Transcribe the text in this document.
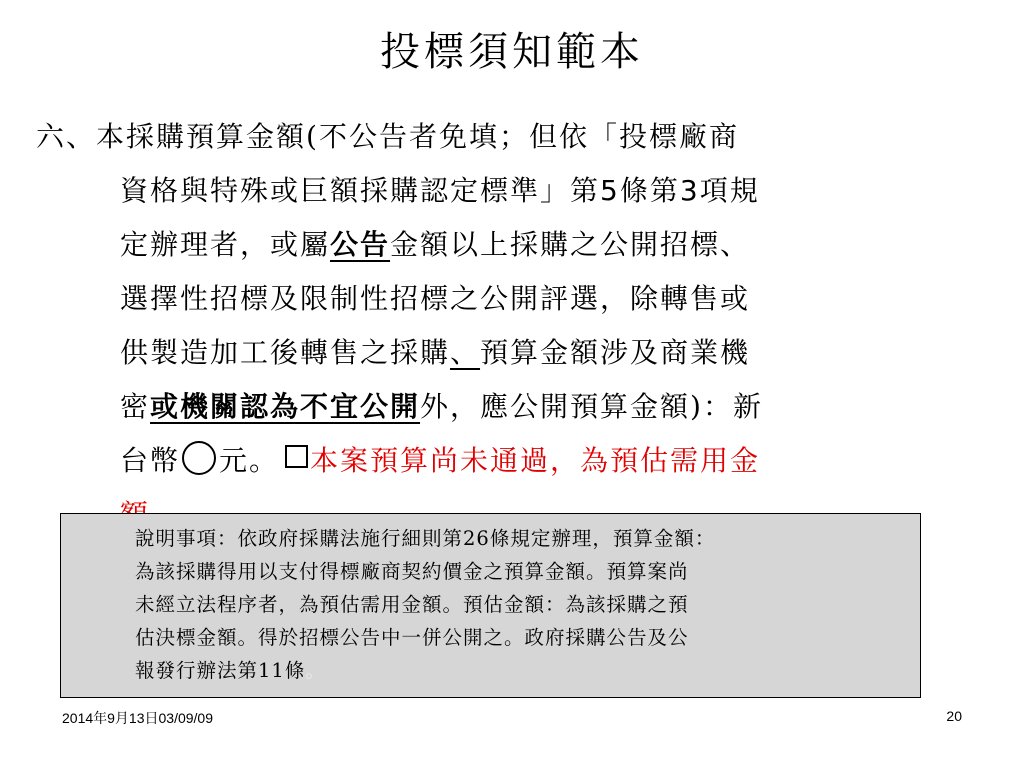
投標須知範本
六、本採購預算金額(不公告者免填；但依「投標廠商
資格與特殊或巨額採購認定標準」第5條第3項規
定辦理者，或屬公告金額以上採購之公開招標、
選擇性招標及限制性招標之公開評選，除轉售或
供製造加工後轉售之採購、預算金額涉及商業機
密或機關認為不宜公開外，應公開預算金額)：新
台幣 元。 本案預算尚未通過，為預估需用金
說明事項：依政府採購法施行細則第26條規定辦理，預算金額：
為該採購得用以支付得標廠商契約價金之預算金額。預算案尚
未經立法程序者，為預估需用金額。預估金額：為該採購之預
估決標金額。得於招標公告中一併公開之。政府採購公告及公
報發行辦法第11條。
2014年9月13日03/09/09	20
